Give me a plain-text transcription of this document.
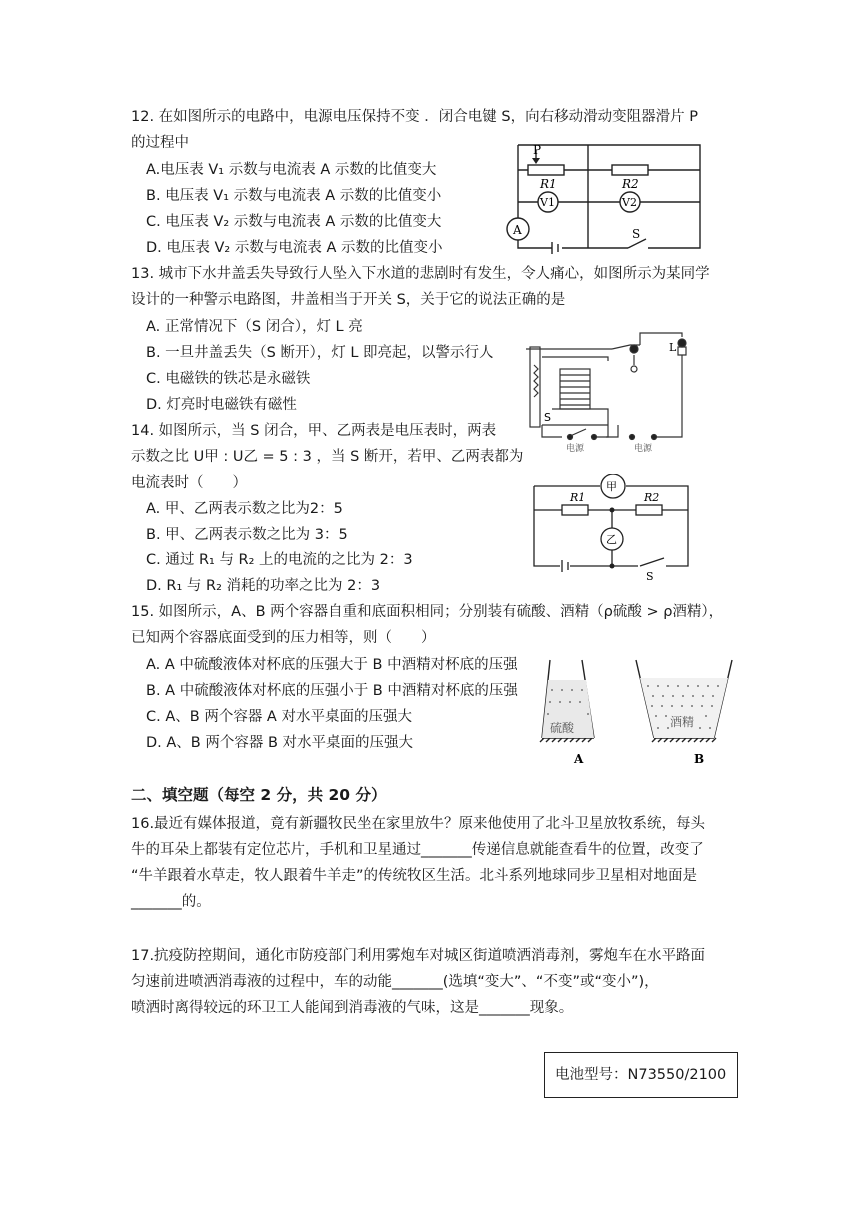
12. 在如图所示的电路中，电源电压保持不变 ．闭合电键 S，向右移动滑动变阻器滑片 P
的过程中
A.电压表 V₁ 示数与电流表 A 示数的比值变大
B. 电压表 V₁ 示数与电流表 A 示数的比值变小
C. 电压表 V₂ 示数与电流表 A 示数的比值变大
D. 电压表 V₂ 示数与电流表 A 示数的比值变小
P
R1	R2
V1	V2
A	S
13. 城市下水井盖丢失导致行人坠入下水道的悲剧时有发生，令人痛心，如图所示为某同学
设计的一种警示电路图，井盖相当于开关 S，关于它的说法正确的是
A. 正常情况下（S 闭合），灯 L 亮
B. 一旦井盖丢失（S 断开），灯 L 即亮起，以警示行人
C. 电磁铁的铁芯是永磁铁
D. 灯亮时电磁铁有磁性
L
S
电源	电源
14. 如图所示，当 S 闭合，甲、乙两表是电压表时，两表
示数之比 U甲 : U乙 = 5 : 3 ，当 S 断开，若甲、乙两表都为
电流表时（　　）
A. 甲、乙两表示数之比为2：5
B. 甲、乙两表示数之比为 3：5
C. 通过 R₁ 与 R₂ 上的电流的之比为 2：3
D. R₁ 与 R₂ 消耗的功率之比为 2：3
甲
乙
R1	R2
S
15. 如图所示，A、B 两个容器自重和底面积相同；分别装有硫酸、酒精（ρ硫酸 > ρ酒精），
已知两个容器底面受到的压力相等，则（　　）
A. A 中硫酸液体对杯底的压强大于 B 中酒精对杯底的压强
B. A 中硫酸液体对杯底的压强小于 B 中酒精对杯底的压强
C. A、B 两个容器 A 对水平桌面的压强大
D. A、B 两个容器 B 对水平桌面的压强大
硫酸	酒精
A	B
二、填空题（每空 2 分，共 20 分）
16.最近有媒体报道，竟有新疆牧民坐在家里放牛？原来他使用了北斗卫星放牧系统，每头
牛的耳朵上都装有定位芯片，手机和卫星通过_______传递信息就能查看牛的位置，改变了
“牛羊跟着水草走，牧人跟着牛羊走”的传统牧区生活。北斗系列地球同步卫星相对地面是
_______的。
17.抗疫防控期间，通化市防疫部门利用雾炮车对城区街道喷洒消毒剂，雾炮车在水平路面
匀速前进喷洒消毒液的过程中，车的动能_______(选填“变大”、“不变”或“变小”)，
喷洒时离得较远的环卫工人能闻到消毒液的气味，这是_______现象。
电池型号：N73550/2100
